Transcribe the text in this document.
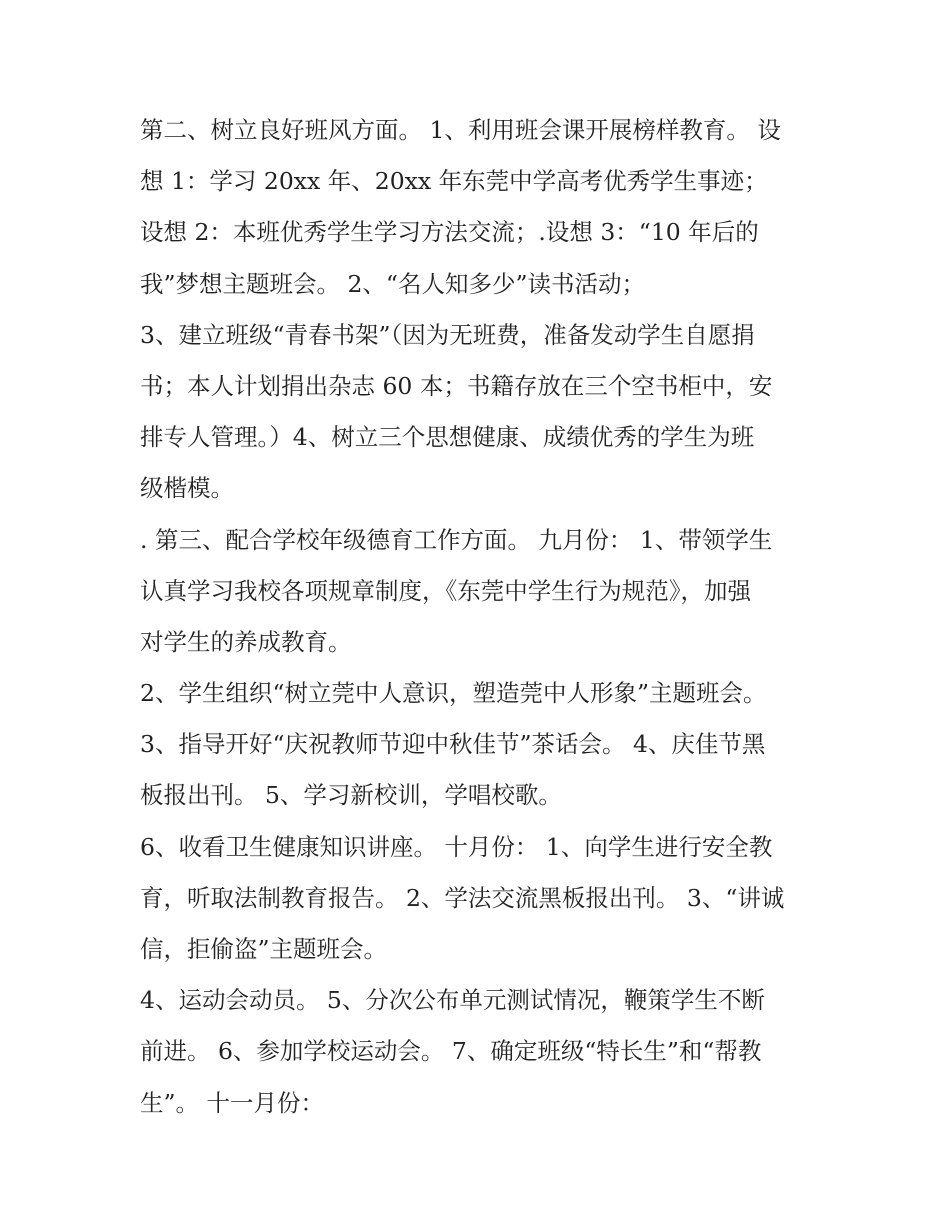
第二、树立良好班风方面。 1、利用班会课开展榜样教育。 设
想 1：学习 20xx 年、20xx 年东莞中学高考优秀学生事迹；
设想 2：本班优秀学生学习方法交流；.设想 3：“10 年后的
我”梦想主题班会。 2、“名人知多少”读书活动；
3、建立班级“青春书架”（因为无班费，准备发动学生自愿捐
书；本人计划捐出杂志 60 本；书籍存放在三个空书柜中，安
排专人管理。）4、树立三个思想健康、成绩优秀的学生为班
级楷模。
. 第三、配合学校年级德育工作方面。 九月份： 1、带领学生
认真学习我校各项规章制度，《东莞中学生行为规范》，加强
对学生的养成教育。
2、学生组织“树立莞中人意识，塑造莞中人形象”主题班会。
3、指导开好“庆祝教师节迎中秋佳节”茶话会。 4、庆佳节黑
板报出刊。 5、学习新校训，学唱校歌。
6、收看卫生健康知识讲座。 十月份： 1、向学生进行安全教
育，听取法制教育报告。 2、学法交流黑板报出刊。 3、“讲诚
信，拒偷盗”主题班会。
4、运动会动员。 5、分次公布单元测试情况，鞭策学生不断
前进。 6、参加学校运动会。 7、确定班级“特长生”和“帮教
生”。 十一月份：
